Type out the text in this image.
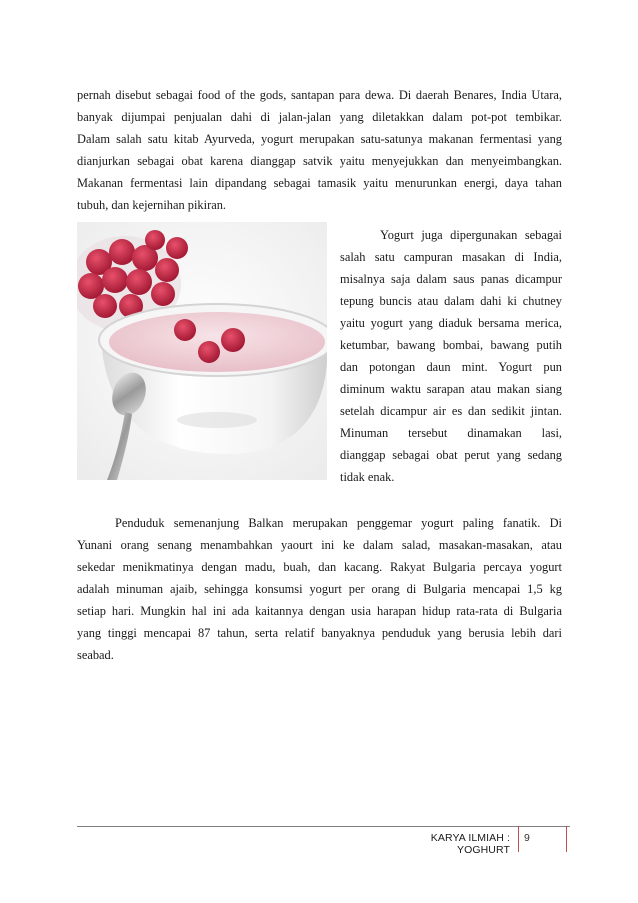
pernah disebut sebagai food of the gods, santapan para dewa. Di daerah Benares, India Utara,
banyak dijumpai penjualan dahi di jalan-jalan yang diletakkan dalam pot-pot tembikar.
Dalam salah satu kitab Ayurveda, yogurt merupakan satu-satunya makanan fermentasi yang
dianjurkan sebagai obat karena dianggap satvik yaitu menyejukkan dan menyeimbangkan.
Makanan fermentasi lain dipandang sebagai tamasik yaitu menurunkan energi, daya tahan
tubuh, dan kejernihan pikiran.
Yogurt juga dipergunakan sebagai
salah satu campuran masakan di India,
misalnya saja dalam saus panas dicampur
tepung buncis atau dalam dahi ki chutney
yaitu yogurt yang diaduk bersama merica,
ketumbar, bawang bombai, bawang putih
dan potongan daun mint. Yogurt pun
diminum waktu sarapan atau makan siang
setelah dicampur air es dan sedikit jintan.
Minuman tersebut dinamakan lasi,
dianggap sebagai obat perut yang sedang
tidak enak.
Penduduk semenanjung Balkan merupakan penggemar yogurt paling fanatik. Di
Yunani orang senang menambahkan yaourt ini ke dalam salad, masakan-masakan, atau
sekedar menikmatinya dengan madu, buah, dan kacang. Rakyat Bulgaria percaya yogurt
adalah minuman ajaib, sehingga konsumsi yogurt per orang di Bulgaria mencapai 1,5 kg
setiap hari. Mungkin hal ini ada kaitannya dengan usia harapan hidup rata-rata di Bulgaria
yang tinggi mencapai 87 tahun, serta relatif banyaknya penduduk yang berusia lebih dari
seabad.
KARYA ILMIAH : YOGHURT
9
